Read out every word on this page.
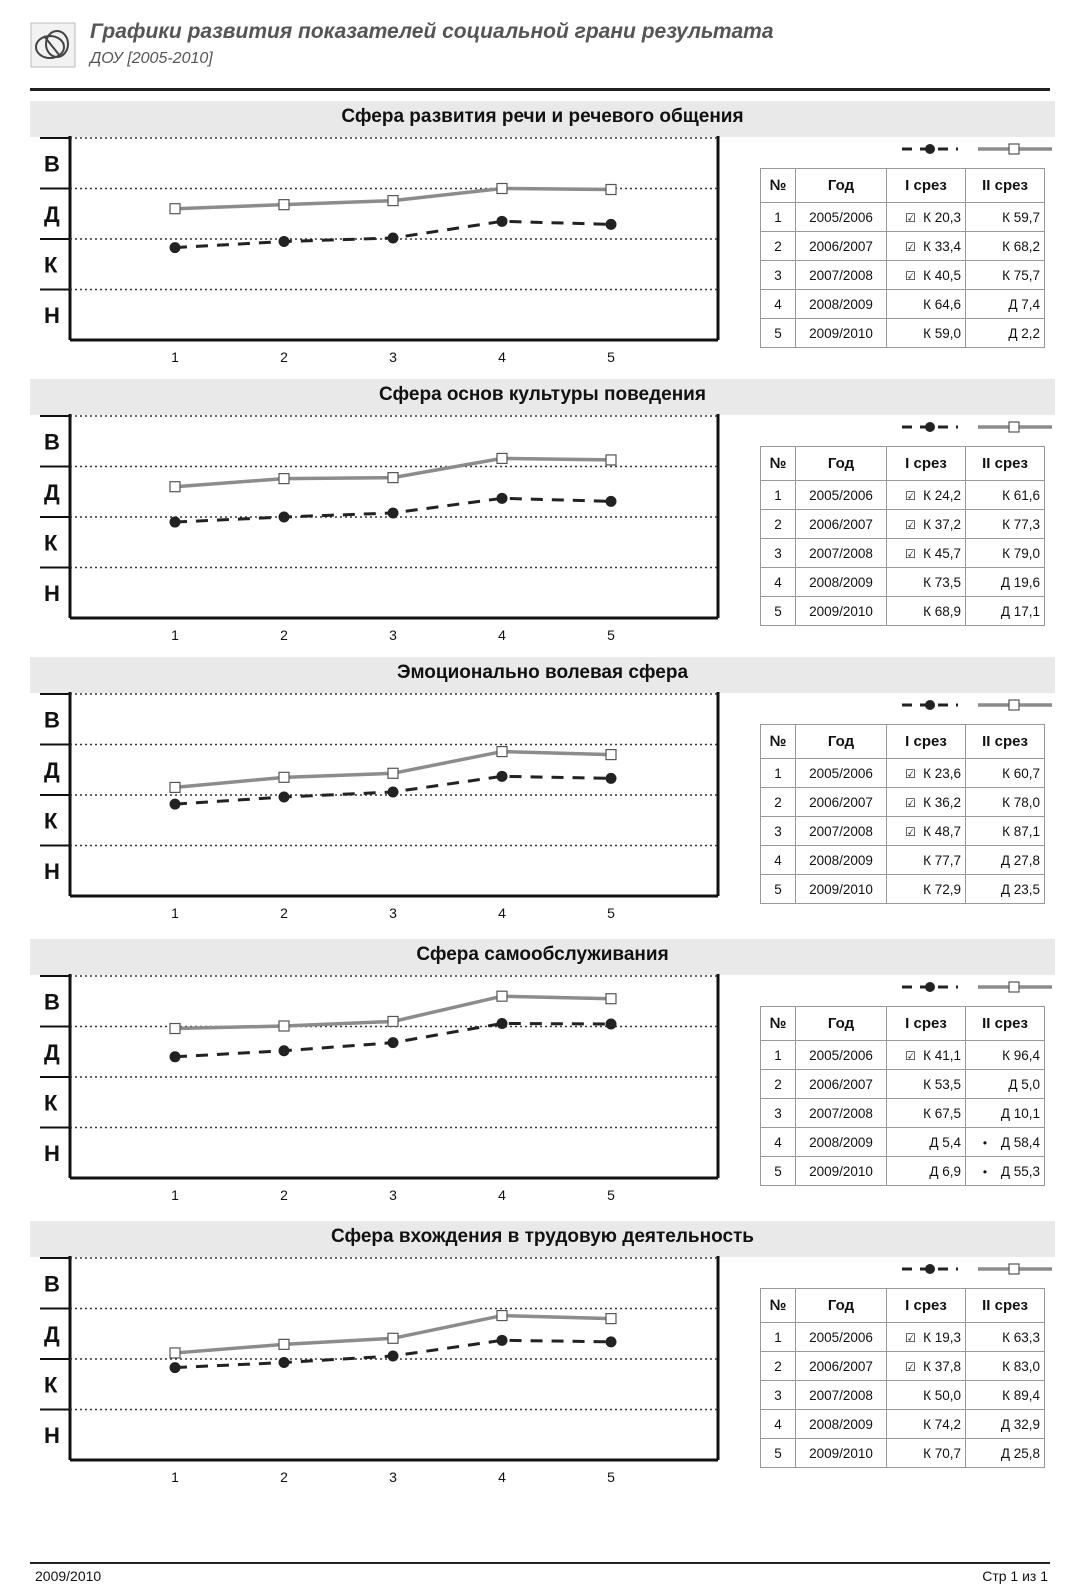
Графики развития показателей социальной грани результата
ДОУ [2005-2010]
Сфера развития речи и речевого общения
В
Д
К
Н
1	2	3	4	5
№	Год	I срез	II срез
1	2005/2006	☑ К 20,3	К 59,7
2	2006/2007	☑ К 33,4	К 68,2
3	2007/2008	☑ К 40,5	К 75,7
4	2008/2009	К 64,6	Д 7,4
5	2009/2010	К 59,0	Д 2,2
Сфера основ культуры поведения
В
Д
К
Н
1	2	3	4	5
№	Год	I срез	II срез
1	2005/2006	☑ К 24,2	К 61,6
2	2006/2007	☑ К 37,2	К 77,3
3	2007/2008	☑ К 45,7	К 79,0
4	2008/2009	К 73,5	Д 19,6
5	2009/2010	К 68,9	Д 17,1
Эмоционально волевая сфера
В
Д
К
Н
1	2	3	4	5
№	Год	I срез	II срез
1	2005/2006	☑ К 23,6	К 60,7
2	2006/2007	☑ К 36,2	К 78,0
3	2007/2008	☑ К 48,7	К 87,1
4	2008/2009	К 77,7	Д 27,8
5	2009/2010	К 72,9	Д 23,5
Сфера самообслуживания
В
Д
К
Н
1	2	3	4	5
№	Год	I срез	II срез
1	2005/2006	☑ К 41,1	К 96,4
2	2006/2007	К 53,5	Д 5,0
3	2007/2008	К 67,5	Д 10,1
4	2008/2009	Д 5,4	• Д 58,4
5	2009/2010	Д 6,9	• Д 55,3
Сфера вхождения в трудовую деятельность
В
Д
К
Н
1	2	3	4	5
№	Год	I срез	II срез
1	2005/2006	☑ К 19,3	К 63,3
2	2006/2007	☑ К 37,8	К 83,0
3	2007/2008	К 50,0	К 89,4
4	2008/2009	К 74,2	Д 32,9
5	2009/2010	К 70,7	Д 25,8
2009/2010	Стр 1 из 1
